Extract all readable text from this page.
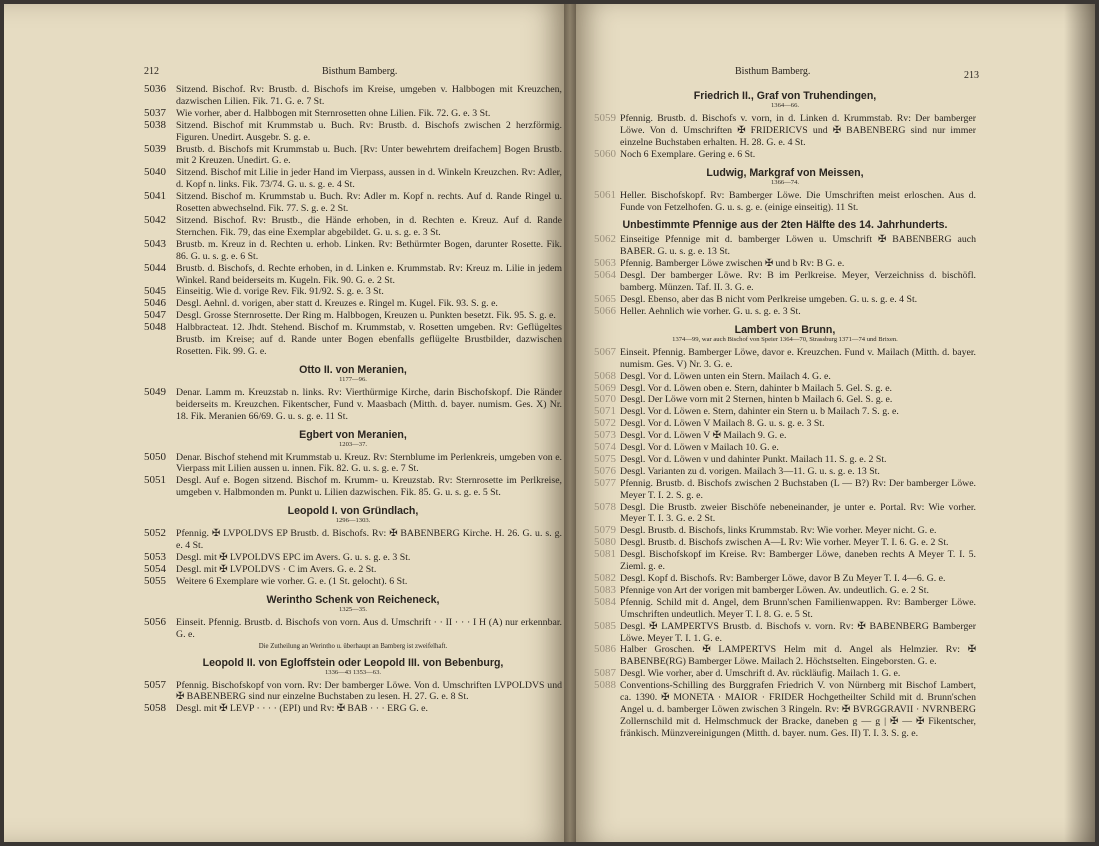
212	Bisthum Bamberg.
5036	Sitzend. Bischof. Rv: Brustb. d. Bischofs im Kreise, umgeben v. Halbbogen mit Kreuzchen, dazwischen Lilien. Fik. 71. G. e. 7 St.
5037	Wie vorher, aber d. Halbbogen mit Sternrosetten ohne Lilien. Fik. 72. G. e. 3 St.
5038	Sitzend. Bischof mit Krummstab u. Buch. Rv: Brustb. d. Bischofs zwischen 2 herzförmig. Figuren. Unedirt. Ausgebr. S. g. e.
5039	Brustb. d. Bischofs mit Krummstab u. Buch. [Rv: Unter bewehrtem dreifachem] Bogen Brustb. mit 2 Kreuzen. Unedirt. G. e.
5040	Sitzend. Bischof mit Lilie in jeder Hand im Vierpass, aussen in d. Winkeln Kreuzchen. Rv: Adler, d. Kopf n. links. Fik. 73/74. G. u. s. g. e. 4 St.
5041	Sitzend. Bischof m. Krummstab u. Buch. Rv: Adler m. Kopf n. rechts. Auf d. Rande Ringel u. Rosetten abwechselnd. Fik. 77. S. g. e. 2 St.
5042	Sitzend. Bischof. Rv: Brustb., die Hände erhoben, in d. Rechten e. Kreuz. Auf d. Rande Sternchen. Fik. 79, das eine Exemplar abgebildet. G. u. s. g. e. 3 St.
5043	Brustb. m. Kreuz in d. Rechten u. erhob. Linken. Rv: Bethürmter Bogen, darunter Rosette. Fik. 86. G. u. s. g. e. 6 St.
5044	Brustb. d. Bischofs, d. Rechte erhoben, in d. Linken e. Krummstab. Rv: Kreuz m. Lilie in jedem Winkel. Rand beiderseits m. Kugeln. Fik. 90. G. e. 2 St.
5045	Einseitig. Wie d. vorige Rev. Fik. 91/92. S. g. e. 3 St.
5046	Desgl. Aehnl. d. vorigen, aber statt d. Kreuzes e. Ringel m. Kugel. Fik. 93. S. g. e.
5047	Desgl. Grosse Sternrosette. Der Ring m. Halbbogen, Kreuzen u. Punkten besetzt. Fik. 95. S. g. e.
5048	Halbbracteat. 12. Jhdt. Stehend. Bischof m. Krummstab, v. Rosetten umgeben. Rv: Geflügeltes Brustb. im Kreise; auf d. Rande unter Bogen ebenfalls geflügelte Brustbilder, dazwischen Rosetten. Fik. 99. G. e.
Otto II. von Meranien,
1177—96.
5049	Denar. Lamm m. Kreuzstab n. links. Rv: Vierthürmige Kirche, darin Bischofskopf. Die Ränder beiderseits m. Kreuzchen. Fikentscher, Fund v. Maasbach (Mitth. d. bayer. numism. Ges. X) Nr. 18. Fik. Meranien 66/69. G. u. s. g. e. 11 St.
Egbert von Meranien,
1203—37.
5050	Denar. Bischof stehend mit Krummstab u. Kreuz. Rv: Sternblume im Perlenkreis, umgeben von e. Vierpass mit Lilien aussen u. innen. Fik. 82. G. u. s. g. e. 7 St.
5051	Desgl. Auf e. Bogen sitzend. Bischof m. Krumm- u. Kreuzstab. Rv: Sternrosette im Perlkreise, umgeben v. Halbmonden m. Punkt u. Lilien dazwischen. Fik. 85. G. u. s. g. e. 5 St.
Leopold I. von Gründlach,
1296—1303.
5052	Pfennig. ✠ LVPOLDVS EP Brustb. d. Bischofs. Rv: ✠ BABENBERG Kirche. H. 26. G. u. s. g. e. 4 St.
5053	Desgl. mit ✠ LVPOLDVS EPC im Avers. G. u. s. g. e. 3 St.
5054	Desgl. mit ✠ LVPOLDVS · C im Avers. G. e. 2 St.
5055	Weitere 6 Exemplare wie vorher. G. e. (1 St. gelocht). 6 St.
Werintho Schenk von Reicheneck,
1325—35.
5056	Einseit. Pfennig. Brustb. d. Bischofs von vorn. Aus d. Umschrift · · II · · · I H (A) nur erkennbar. G. e.
Die Zutheilung an Werintho u. überhaupt an Bamberg ist zweifelhaft.
Leopold II. von Egloffstein oder Leopold III. von Bebenburg,
1336—43 1353—63.
5057	Pfennig. Bischofskopf von vorn. Rv: Der bamberger Löwe. Von d. Umschriften LVPOLDVS und ✠ BABENBERG sind nur einzelne Buchstaben zu lesen. H. 27. G. e. 8 St.
5058	Desgl. mit ✠ LEVP · · · · (EPI) und Rv: ✠ BAB · · · ERG G. e.
Bisthum Bamberg.	213
Friedrich II., Graf von Truhendingen,
1364—66.
5059 Pfennig. Brustb. d. Bischofs v. vorn, in d. Linken d. Krummstab. Rv: Der bamberger Löwe. Von d. Umschriften ✠ FRIDERICVS und ✠ BABENBERG sind nur immer einzelne Buchstaben erhalten. H. 28. G. e. 4 St.
5060 Noch 6 Exemplare. Gering e. 6 St.
Ludwig, Markgraf von Meissen,
1366—74.
5061 Heller. Bischofskopf. Rv: Bamberger Löwe. Die Umschriften meist erloschen. Aus d. Funde von Fetzelhofen. G. u. s. g. e. (einige einseitig). 11 St.
Unbestimmte Pfennige aus der 2ten Hälfte des 14. Jahrhunderts.
5062 Einseitige Pfennige mit d. bamberger Löwen u. Umschrift ✠ BABENBERG auch BABER. G. u. s. g. e. 13 St.
5063 Pfennig. Bamberger Löwe zwischen ✠ und b Rv: B G. e.
5064 Desgl. Der bamberger Löwe. Rv: B im Perlkreise. Meyer, Verzeichniss d. bischöfl. bamberg. Münzen. Taf. II. 3. G. e.
5065 Desgl. Ebenso, aber das B nicht vom Perlkreise umgeben. G. u. s. g. e. 4 St.
5066 Heller. Aehnlich wie vorher. G. u. s. g. e. 3 St.
Lambert von Brunn,
1374—99, war auch Bischof von Speier 1364—70, Strassburg 1371—74 und Brixen.
5067 Einseit. Pfennig. Bamberger Löwe, davor e. Kreuzchen. Fund v. Mailach (Mitth. d. bayer. numism. Ges. V) Nr. 3. G. e.
5068 Desgl. Vor d. Löwen unten ein Stern. Mailach 4. G. e.
5069 Desgl. Vor d. Löwen oben e. Stern, dahinter b Mailach 5. Gel. S. g. e.
5070 Desgl. Der Löwe vorn mit 2 Sternen, hinten b Mailach 6. Gel. S. g. e.
5071 Desgl. Vor d. Löwen e. Stern, dahinter ein Stern u. b Mailach 7. S. g. e.
5072 Desgl. Vor d. Löwen V Mailach 8. G. u. s. g. e. 3 St.
5073 Desgl. Vor d. Löwen V ✠ Mailach 9. G. e.
5074 Desgl. Vor d. Löwen v Mailach 10. G. e.
5075 Desgl. Vor d. Löwen v und dahinter Punkt. Mailach 11. S. g. e. 2 St.
5076 Desgl. Varianten zu d. vorigen. Mailach 3—11. G. u. s. g. e. 13 St.
5077 Pfennig. Brustb. d. Bischofs zwischen 2 Buchstaben (L — B?) Rv: Der bamberger Löwe. Meyer T. I. 2. S. g. e.
5078 Desgl. Die Brustb. zweier Bischöfe nebeneinander, je unter e. Portal. Rv: Wie vorher. Meyer T. I. 3. G. e. 2 St.
5079 Desgl. Brustb. d. Bischofs, links Krummstab. Rv: Wie vorher. Meyer nicht. G. e.
5080 Desgl. Brustb. d. Bischofs zwischen A—L Rv: Wie vorher. Meyer T. I. 6. G. e. 2 St.
5081 Desgl. Bischofskopf im Kreise. Rv: Bamberger Löwe, daneben rechts A Meyer T. I. 5. Zieml. g. e.
5082 Desgl. Kopf d. Bischofs. Rv: Bamberger Löwe, davor B Zu Meyer T. I. 4—6. G. e.
5083 Pfennige von Art der vorigen mit bamberger Löwen. Av. undeutlich. G. e. 2 St.
5084 Pfennig. Schild mit d. Angel, dem Brunn'schen Familienwappen. Rv: Bamberger Löwe. Umschriften undeutlich. Meyer T. I. 8. G. e. 5 St.
5085 Desgl. ✠ LAMPERTVS Brustb. d. Bischofs v. vorn. Rv: ✠ BABENBERG Bamberger Löwe. Meyer T. I. 1. G. e.
5086 Halber Groschen. ✠ LAMPERTVS Helm mit d. Angel als Helmzier. Rv: ✠ BABENBE(RG) Bamberger Löwe. Mailach 2. Höchstselten. Eingeborsten. G. e.
5087 Desgl. Wie vorher, aber d. Umschrift d. Av. rückläufig. Mailach 1. G. e.
5088 Conventions-Schilling des Burggrafen Friedrich V. von Nürnberg mit Bischof Lambert, ca. 1390. ✠ MONETA · MAIOR · FRIDER Hochgetheilter Schild mit d. Brunn'schen Angel u. d. bamberger Löwen zwischen 3 Ringeln. Rv: ✠ BVRGGRAVII · NVRNBERG Zollernschild mit d. Helmschmuck der Bracke, daneben g — g | ✠ — ✠ Fikentscher, fränkisch. Münzvereinigungen (Mitth. d. bayer. num. Ges. II) T. I. 3. S. g. e.
